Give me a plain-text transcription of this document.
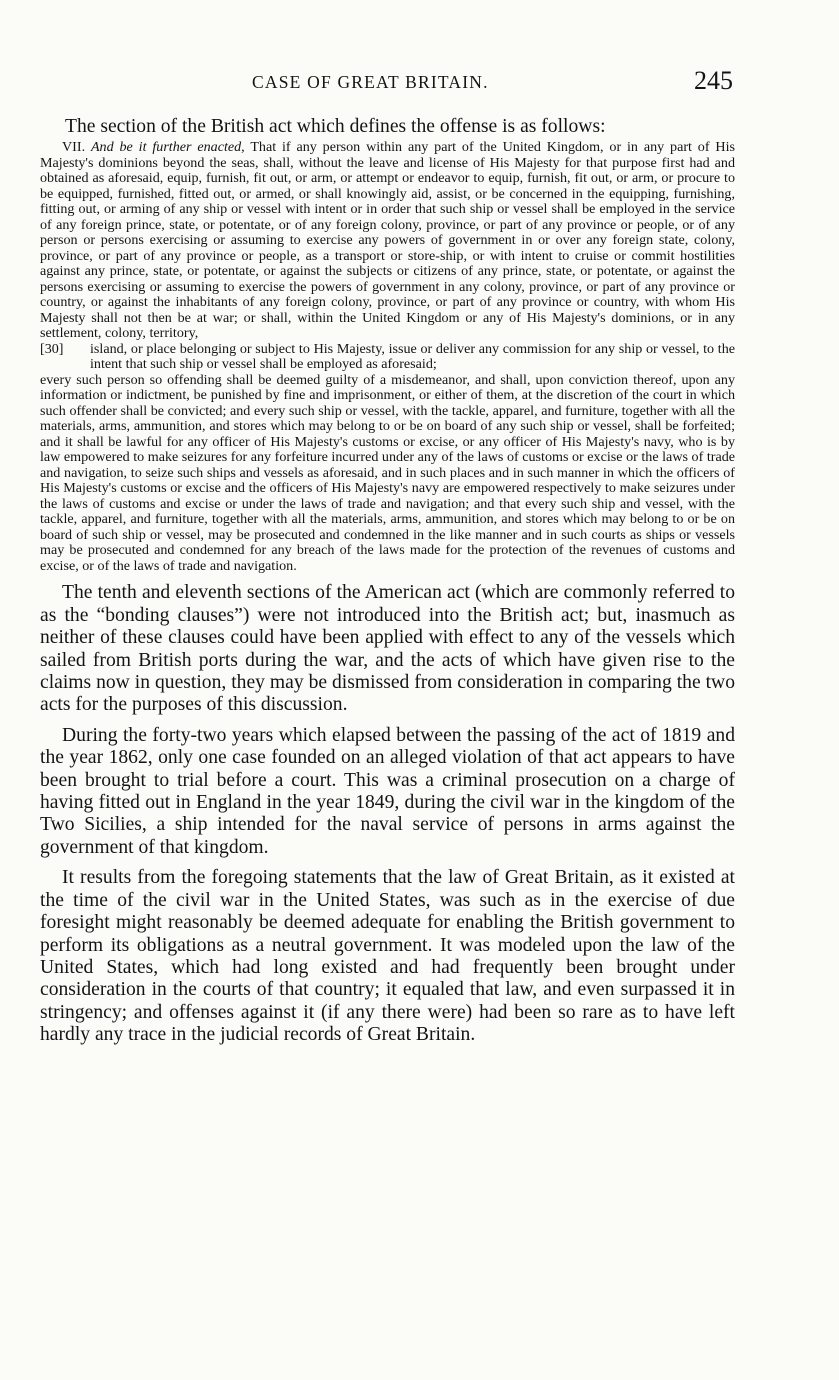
CASE OF GREAT BRITAIN.	245

The section of the British act which defines the offense is as follows:

VII. And be it further enacted, That if any person within any part of the United Kingdom, or in any part of His Majesty's dominions beyond the seas, shall, without the leave and license of His Majesty for that purpose first had and obtained as aforesaid, equip, furnish, fit out, or arm, or attempt or endeavor to equip, furnish, fit out, or arm, or procure to be equipped, furnished, fitted out, or armed, or shall knowingly aid, assist, or be concerned in the equipping, furnishing, fitting out, or arming of any ship or vessel with intent or in order that such ship or vessel shall be employed in the service of any foreign prince, state, or potentate, or of any foreign colony, province, or part of any province or people, or of any person or persons exercising or assuming to exercise any powers of government in or over any foreign state, colony, province, or part of any province or people, as a transport or store-ship, or with intent to cruise or commit hostilities against any prince, state, or potentate, or against the subjects or citizens of any prince, state, or potentate, or against the persons exercising or assuming to exercise the powers of government in any colony, province, or part of any province or country, or against the inhabitants of any foreign colony, province, or part of any province or country, with whom His Majesty shall not then be at war; or shall, within the United Kingdom or any of His Majesty's dominions, or in any settlement, colony, territory,
[30]	island, or place belonging or subject to His Majesty, issue or deliver any commission for any ship or vessel, to the intent that such ship or vessel shall be employed as aforesaid;
every such person so offending shall be deemed guilty of a misdemeanor, and shall, upon conviction thereof, upon any information or indictment, be punished by fine and imprisonment, or either of them, at the discretion of the court in which such offender shall be convicted; and every such ship or vessel, with the tackle, apparel, and furniture, together with all the materials, arms, ammunition, and stores which may belong to or be on board of any such ship or vessel, shall be forfeited; and it shall be lawful for any officer of His Majesty's customs or excise, or any officer of His Majesty's navy, who is by law empowered to make seizures for any forfeiture incurred under any of the laws of customs or excise or the laws of trade and navigation, to seize such ships and vessels as aforesaid, and in such places and in such manner in which the officers of His Majesty's customs or excise and the officers of His Majesty's navy are empowered respectively to make seizures under the laws of customs and excise or under the laws of trade and navigation; and that every such ship and vessel, with the tackle, apparel, and furniture, together with all the materials, arms, ammunition, and stores which may belong to or be on board of such ship or vessel, may be prosecuted and condemned in the like manner and in such courts as ships or vessels may be prosecuted and condemned for any breach of the laws made for the protection of the revenues of customs and excise, or of the laws of trade and navigation.

The tenth and eleventh sections of the American act (which are commonly referred to as the “bonding clauses”) were not introduced into the British act; but, inasmuch as neither of these clauses could have been applied with effect to any of the vessels which sailed from British ports during the war, and the acts of which have given rise to the claims now in question, they may be dismissed from consideration in comparing the two acts for the purposes of this discussion.

During the forty-two years which elapsed between the passing of the act of 1819 and the year 1862, only one case founded on an alleged violation of that act appears to have been brought to trial before a court. This was a criminal prosecution on a charge of having fitted out in England in the year 1849, during the civil war in the kingdom of the Two Sicilies, a ship intended for the naval service of persons in arms against the government of that kingdom.

It results from the foregoing statements that the law of Great Britain, as it existed at the time of the civil war in the United States, was such as in the exercise of due foresight might reasonably be deemed adequate for enabling the British government to perform its obligations as a neutral government. It was modeled upon the law of the United States, which had long existed and had frequently been brought under consideration in the courts of that country; it equaled that law, and even surpassed it in stringency; and offenses against it (if any there were) had been so rare as to have left hardly any trace in the judicial records of Great Britain.
